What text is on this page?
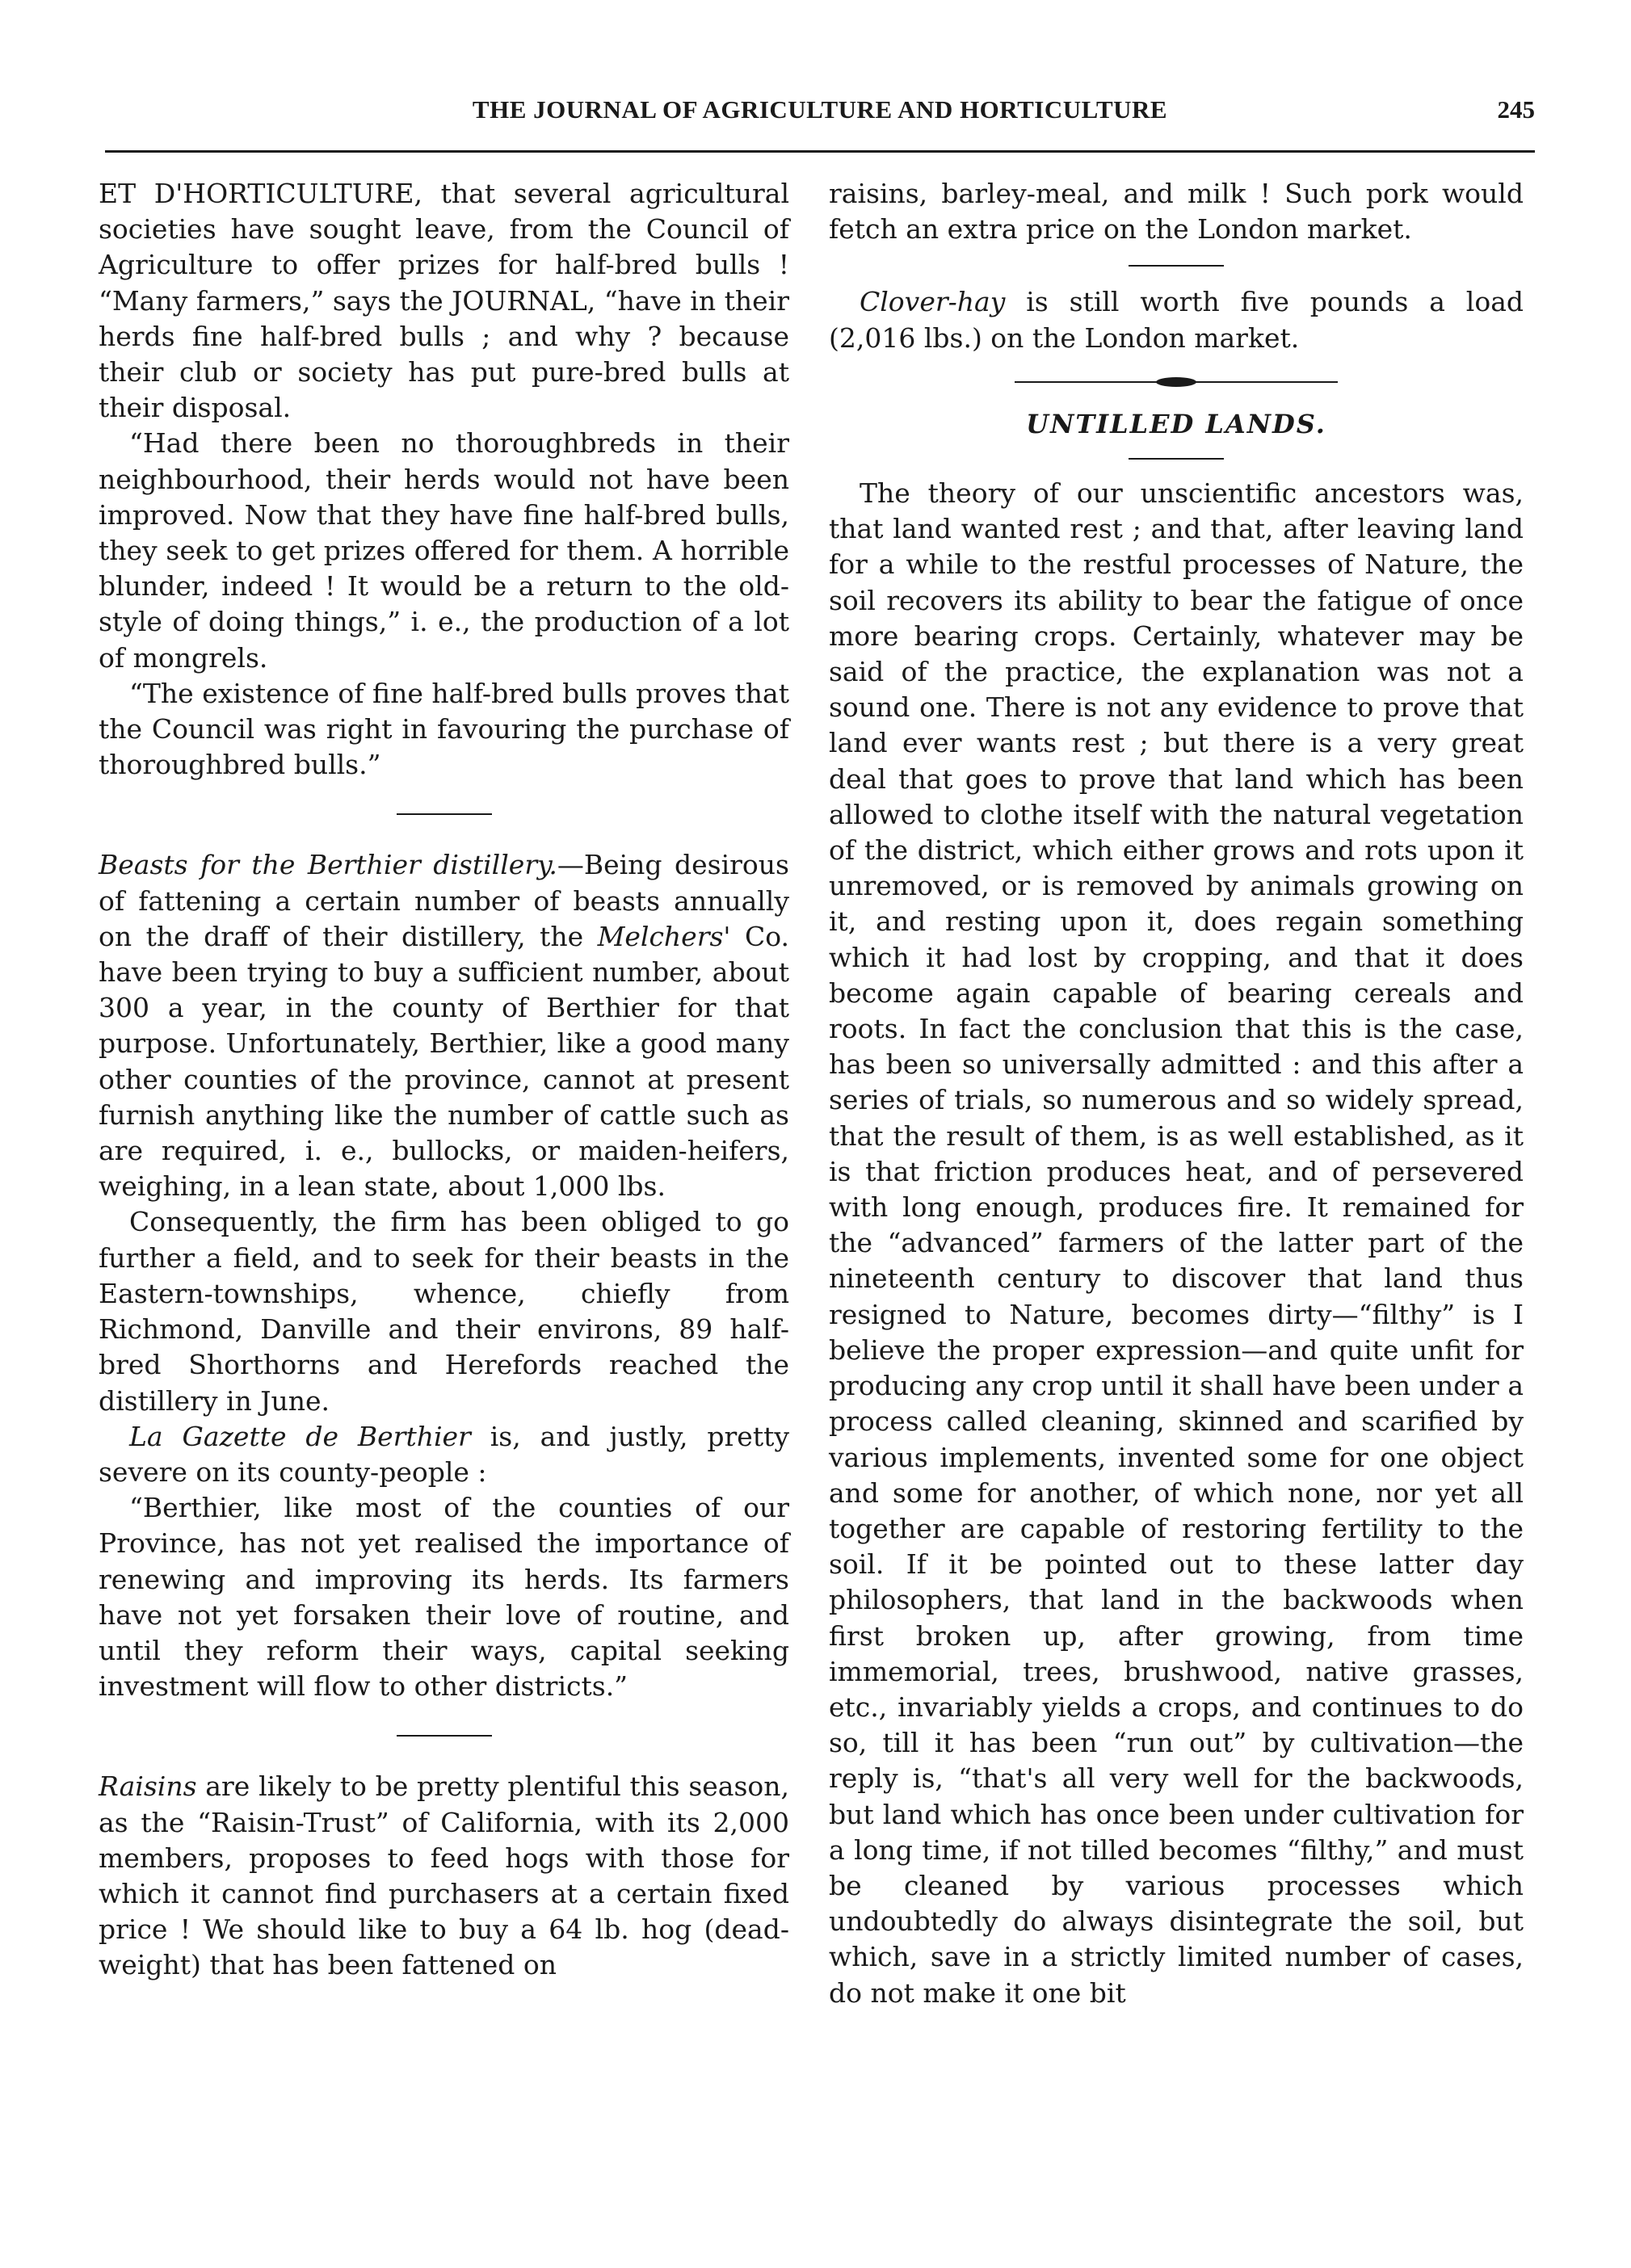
THE JOURNAL OF AGRICULTURE AND HORTICULTURE	245

ET D'HORTICULTURE, that several agricultural societies have sought leave, from the Council of Agriculture to offer prizes for half-bred bulls ! “Many farmers,” says the JOURNAL, “have in their herds fine half-bred bulls ; and why ? because their club or society has put pure-bred bulls at their disposal.

“Had there been no thoroughbreds in their neighbourhood, their herds would not have been improved. Now that they have fine half-bred bulls, they seek to get prizes offered for them. A horrible blunder, indeed ! It would be a return to the old-style of doing things,” i. e., the production of a lot of mongrels.

“The existence of fine half-bred bulls proves that the Council was right in favouring the purchase of thoroughbred bulls.”

Beasts for the Berthier distillery.—Being desirous of fattening a certain number of beasts annually on the draff of their distillery, the Melchers' Co. have been trying to buy a sufficient number, about 300 a year, in the county of Berthier for that purpose. Unfortunately, Berthier, like a good many other counties of the province, cannot at present furnish anything like the number of cattle such as are required, i. e., bullocks, or maiden-heifers, weighing, in a lean state, about 1,000 lbs.

Consequently, the firm has been obliged to go further a field, and to seek for their beasts in the Eastern-townships, whence, chiefly from Richmond, Danville and their environs, 89 half-bred Shorthorns and Herefords reached the distillery in June.

La Gazette de Berthier is, and justly, pretty severe on its county-people :

“Berthier, like most of the counties of our Province, has not yet realised the importance of renewing and improving its herds. Its farmers have not yet forsaken their love of routine, and until they reform their ways, capital seeking investment will flow to other districts.”

Raisins are likely to be pretty plentiful this season, as the “Raisin-Trust” of California, with its 2,000 members, proposes to feed hogs with those for which it cannot find purchasers at a certain fixed price ! We should like to buy a 64 lb. hog (dead-weight) that has been fattened on

raisins, barley-meal, and milk ! Such pork would fetch an extra price on the London market.

Clover-hay is still worth five pounds a load (2,016 lbs.) on the London market.

UNTILLED LANDS.

The theory of our unscientific ancestors was, that land wanted rest ; and that, after leaving land for a while to the restful processes of Nature, the soil recovers its ability to bear the fatigue of once more bearing crops. Certainly, whatever may be said of the practice, the explanation was not a sound one. There is not any evidence to prove that land ever wants rest ; but there is a very great deal that goes to prove that land which has been allowed to clothe itself with the natural vegetation of the district, which either grows and rots upon it unremoved, or is removed by animals growing on it, and resting upon it, does regain something which it had lost by cropping, and that it does become again capable of bearing cereals and roots. In fact the conclusion that this is the case, has been so universally admitted : and this after a series of trials, so numerous and so widely spread, that the result of them, is as well established, as it is that friction produces heat, and of persevered with long enough, produces fire. It remained for the “advanced” farmers of the latter part of the nineteenth century to discover that land thus resigned to Nature, becomes dirty—“filthy” is I believe the proper expression—and quite unfit for producing any crop until it shall have been under a process called cleaning, skinned and scarified by various implements, invented some for one object and some for another, of which none, nor yet all together are capable of restoring fertility to the soil. If it be pointed out to these latter day philosophers, that land in the backwoods when first broken up, after growing, from time immemorial, trees, brushwood, native grasses, etc., invariably yields a crops, and continues to do so, till it has been “run out” by cultivation—the reply is, “that's all very well for the backwoods, but land which has once been under cultivation for a long time, if not tilled becomes “filthy,” and must be cleaned by various processes which undoubtedly do always disintegrate the soil, but which, save in a strictly limited number of cases, do not make it one bit
